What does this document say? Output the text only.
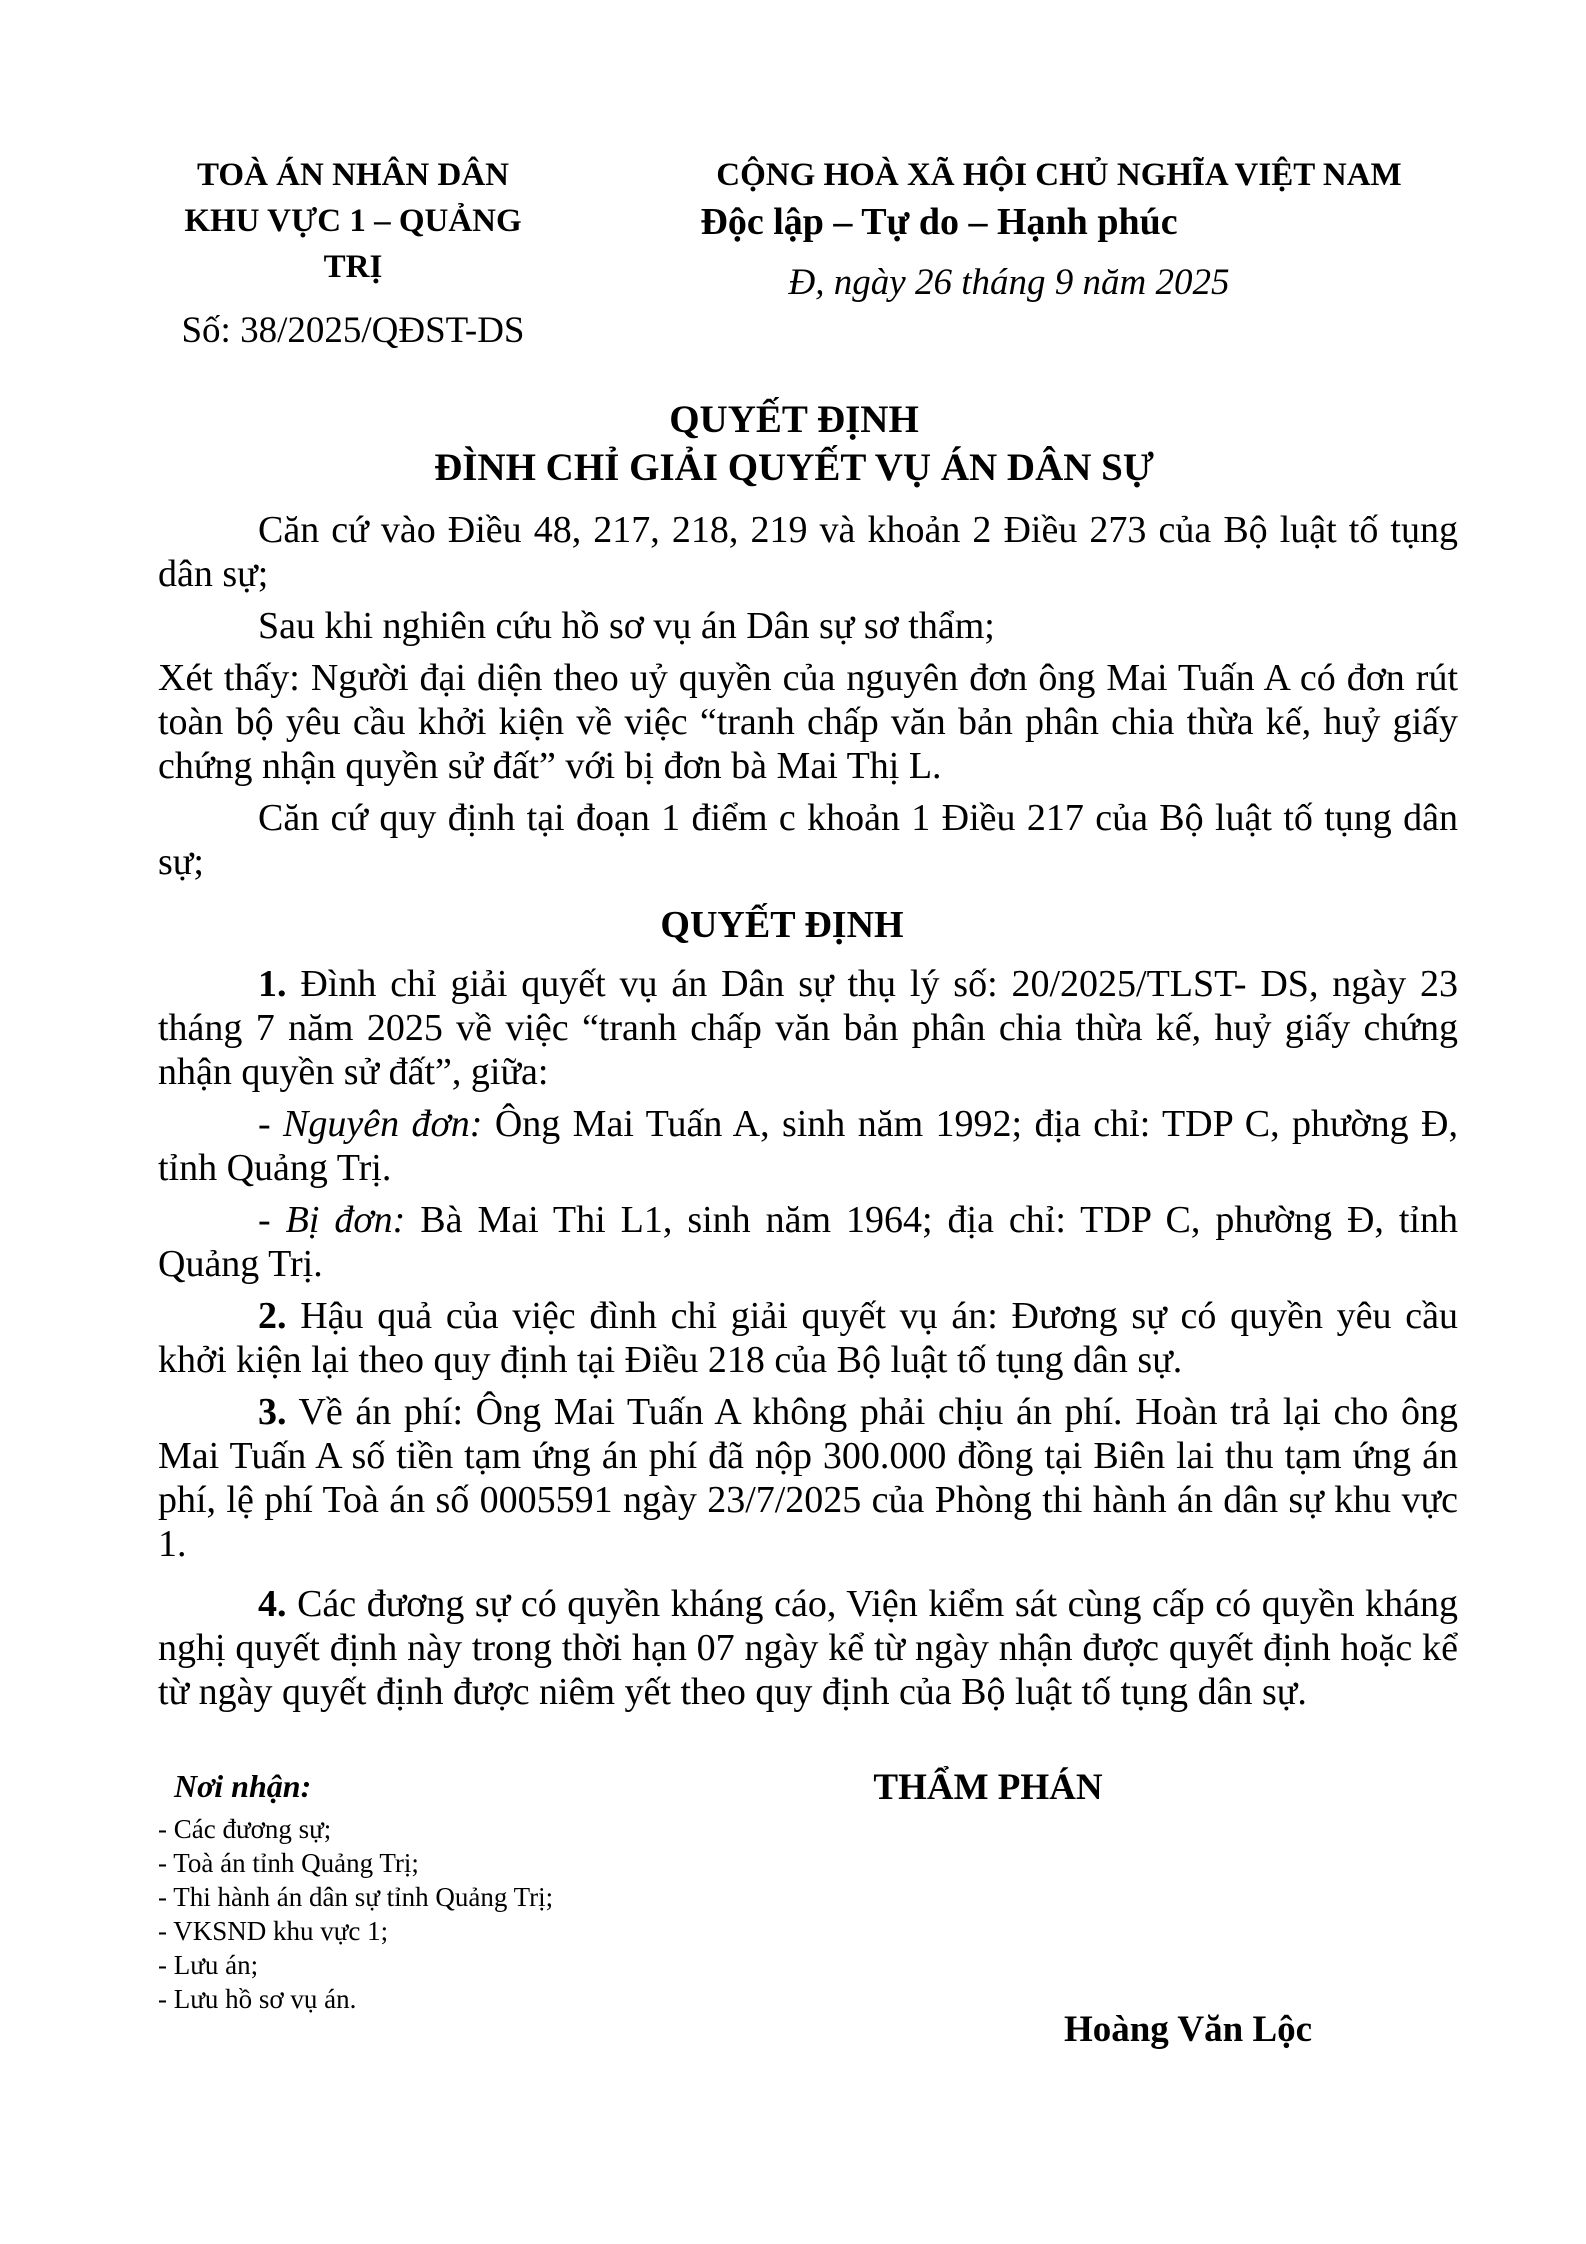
TOÀ ÁN NHÂN DÂN
KHU VỰC 1 – QUẢNG TRỊ
Số: 38/2025/QĐST-DS
CỘNG HOÀ XÃ HỘI CHỦ NGHĨA VIỆT NAM
Độc lập – Tự do – Hạnh phúc
Đ, ngày 26 tháng 9 năm 2025
QUYẾT ĐỊNH
ĐÌNH CHỈ GIẢI QUYẾT VỤ ÁN DÂN SỰ

Căn cứ vào Điều 48, 217, 218, 219 và khoản 2 Điều 273 của Bộ luật tố tụng dân sự;

Sau khi nghiên cứu hồ sơ vụ án Dân sự sơ thẩm;

Xét thấy: Người đại diện theo uỷ quyền của nguyên đơn ông Mai Tuấn A có đơn rút toàn bộ yêu cầu khởi kiện về việc “tranh chấp văn bản phân chia thừa kế, huỷ giấy chứng nhận quyền sử đất” với bị đơn bà Mai Thị L.

Căn cứ quy định tại đoạn 1 điểm c khoản 1 Điều 217 của Bộ luật tố tụng dân sự;

QUYẾT ĐỊNH

1. Đình chỉ giải quyết vụ án Dân sự thụ lý số: 20/2025/TLST- DS, ngày 23 tháng 7 năm 2025 về việc “tranh chấp văn bản phân chia thừa kế, huỷ giấy chứng nhận quyền sử đất”, giữa:

- Nguyên đơn: Ông Mai Tuấn A, sinh năm 1992; địa chỉ: TDP C, phường Đ, tỉnh Quảng Trị.

- Bị đơn: Bà Mai Thi L1, sinh năm 1964; địa chỉ: TDP C, phường Đ, tỉnh Quảng Trị.

2. Hậu quả của việc đình chỉ giải quyết vụ án: Đương sự có quyền yêu cầu khởi kiện lại theo quy định tại Điều 218 của Bộ luật tố tụng dân sự.

3. Về án phí: Ông Mai Tuấn A không phải chịu án phí. Hoàn trả lại cho ông Mai Tuấn A số tiền tạm ứng án phí đã nộp 300.000 đồng tại Biên lai thu tạm ứng án phí, lệ phí Toà án số 0005591 ngày 23/7/2025 của Phòng thi hành án dân sự khu vực 1.

4. Các đương sự có quyền kháng cáo, Viện kiểm sát cùng cấp có quyền kháng nghị quyết định này trong thời hạn 07 ngày kể từ ngày nhận được quyết định hoặc kể từ ngày quyết định được niêm yết theo quy định của Bộ luật tố tụng dân sự.

Nơi nhận:
- Các đương sự;
- Toà án tỉnh Quảng Trị;
- Thi hành án dân sự tỉnh Quảng Trị;
- VKSND khu vực 1;
- Lưu án;
- Lưu hồ sơ vụ án.
THẨM PHÁN
Hoàng Văn Lộc
